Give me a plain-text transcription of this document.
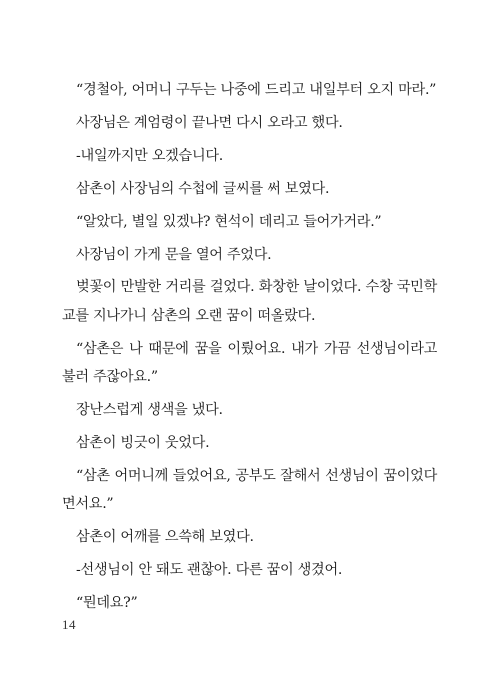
“경철아, 어머니 구두는 나중에 드리고 내일부터 오지 마라.”

사장님은 계엄령이 끝나면 다시 오라고 했다.

-내일까지만 오겠습니다.

삼촌이 사장님의 수첩에 글씨를 써 보였다.

“알았다, 별일 있겠냐? 현석이 데리고 들어가거라.”

사장님이 가게 문을 열어 주었다.

벚꽃이 만발한 거리를 걸었다. 화창한 날이었다. 수창 국민학교를 지나가니 삼촌의 오랜 꿈이 떠올랐다.

“삼촌은 나 때문에 꿈을 이뤘어요. 내가 가끔 선생님이라고 불러 주잖아요.”

장난스럽게 생색을 냈다.

삼촌이 빙긋이 웃었다.

“삼촌 어머니께 들었어요, 공부도 잘해서 선생님이 꿈이었다면서요.”

삼촌이 어깨를 으쓱해 보였다.

-선생님이 안 돼도 괜찮아. 다른 꿈이 생겼어.

“뭔데요?”

14
